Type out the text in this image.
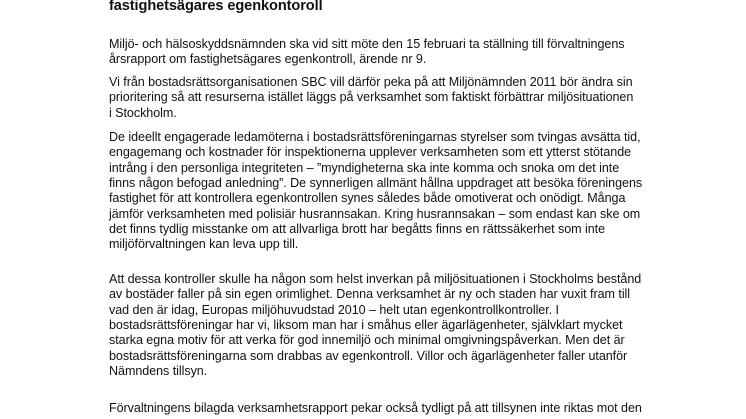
fastighetsägares egenkontoroll
Miljö- och hälsoskyddsnämnden ska vid sitt möte den 15 februari ta ställning till förvaltningens
årsrapport om fastighetsägares egenkontroll, ärende nr 9.
Vi från bostadsrättsorganisationen SBC vill därför peka på att Miljönämnden 2011 bör ändra sin
prioritering så att resurserna istället läggs på verksamhet som faktiskt förbättrar miljösituationen
i Stockholm.
De ideellt engagerade ledamöterna i bostadsrättsföreningarnas styrelser som tvingas avsätta tid,
engagemang och kostnader för inspektionerna upplever verksamheten som ett ytterst stötande
intrång i den personliga integriteten – ”myndigheterna ska inte komma och snoka om det inte
finns någon befogad anledning”. De synnerligen allmänt hållna uppdraget att besöka föreningens
fastighet för att kontrollera egenkontrollen synes således både omotiverat och onödigt. Många
jämför verksamheten med polisiär husrannsakan. Kring husrannsakan – som endast kan ske om
det finns tydlig misstanke om att allvarliga brott har begåtts finns en rättssäkerhet som inte
miljöförvaltningen kan leva upp till.
Att dessa kontroller skulle ha någon som helst inverkan på miljösituationen i Stockholms bestånd
av bostäder faller på sin egen orimlighet. Denna verksamhet är ny och staden har vuxit fram till
vad den är idag, Europas miljöhuvudstad 2010 – helt utan egenkontrollkontroller. I
bostadsrättsföreningar har vi, liksom man har i småhus eller ägarlägenheter, självklart mycket
starka egna motiv för att verka för god innemiljö och minimal omgivningspåverkan. Men det är
bostadsrättsföreningarna som drabbas av egenkontroll. Villor och ägarlägenheter faller utanför
Nämndens tillsyn.
Förvaltningens bilagda verksamhetsrapport pekar också tydligt på att tillsynen inte riktas mot den
